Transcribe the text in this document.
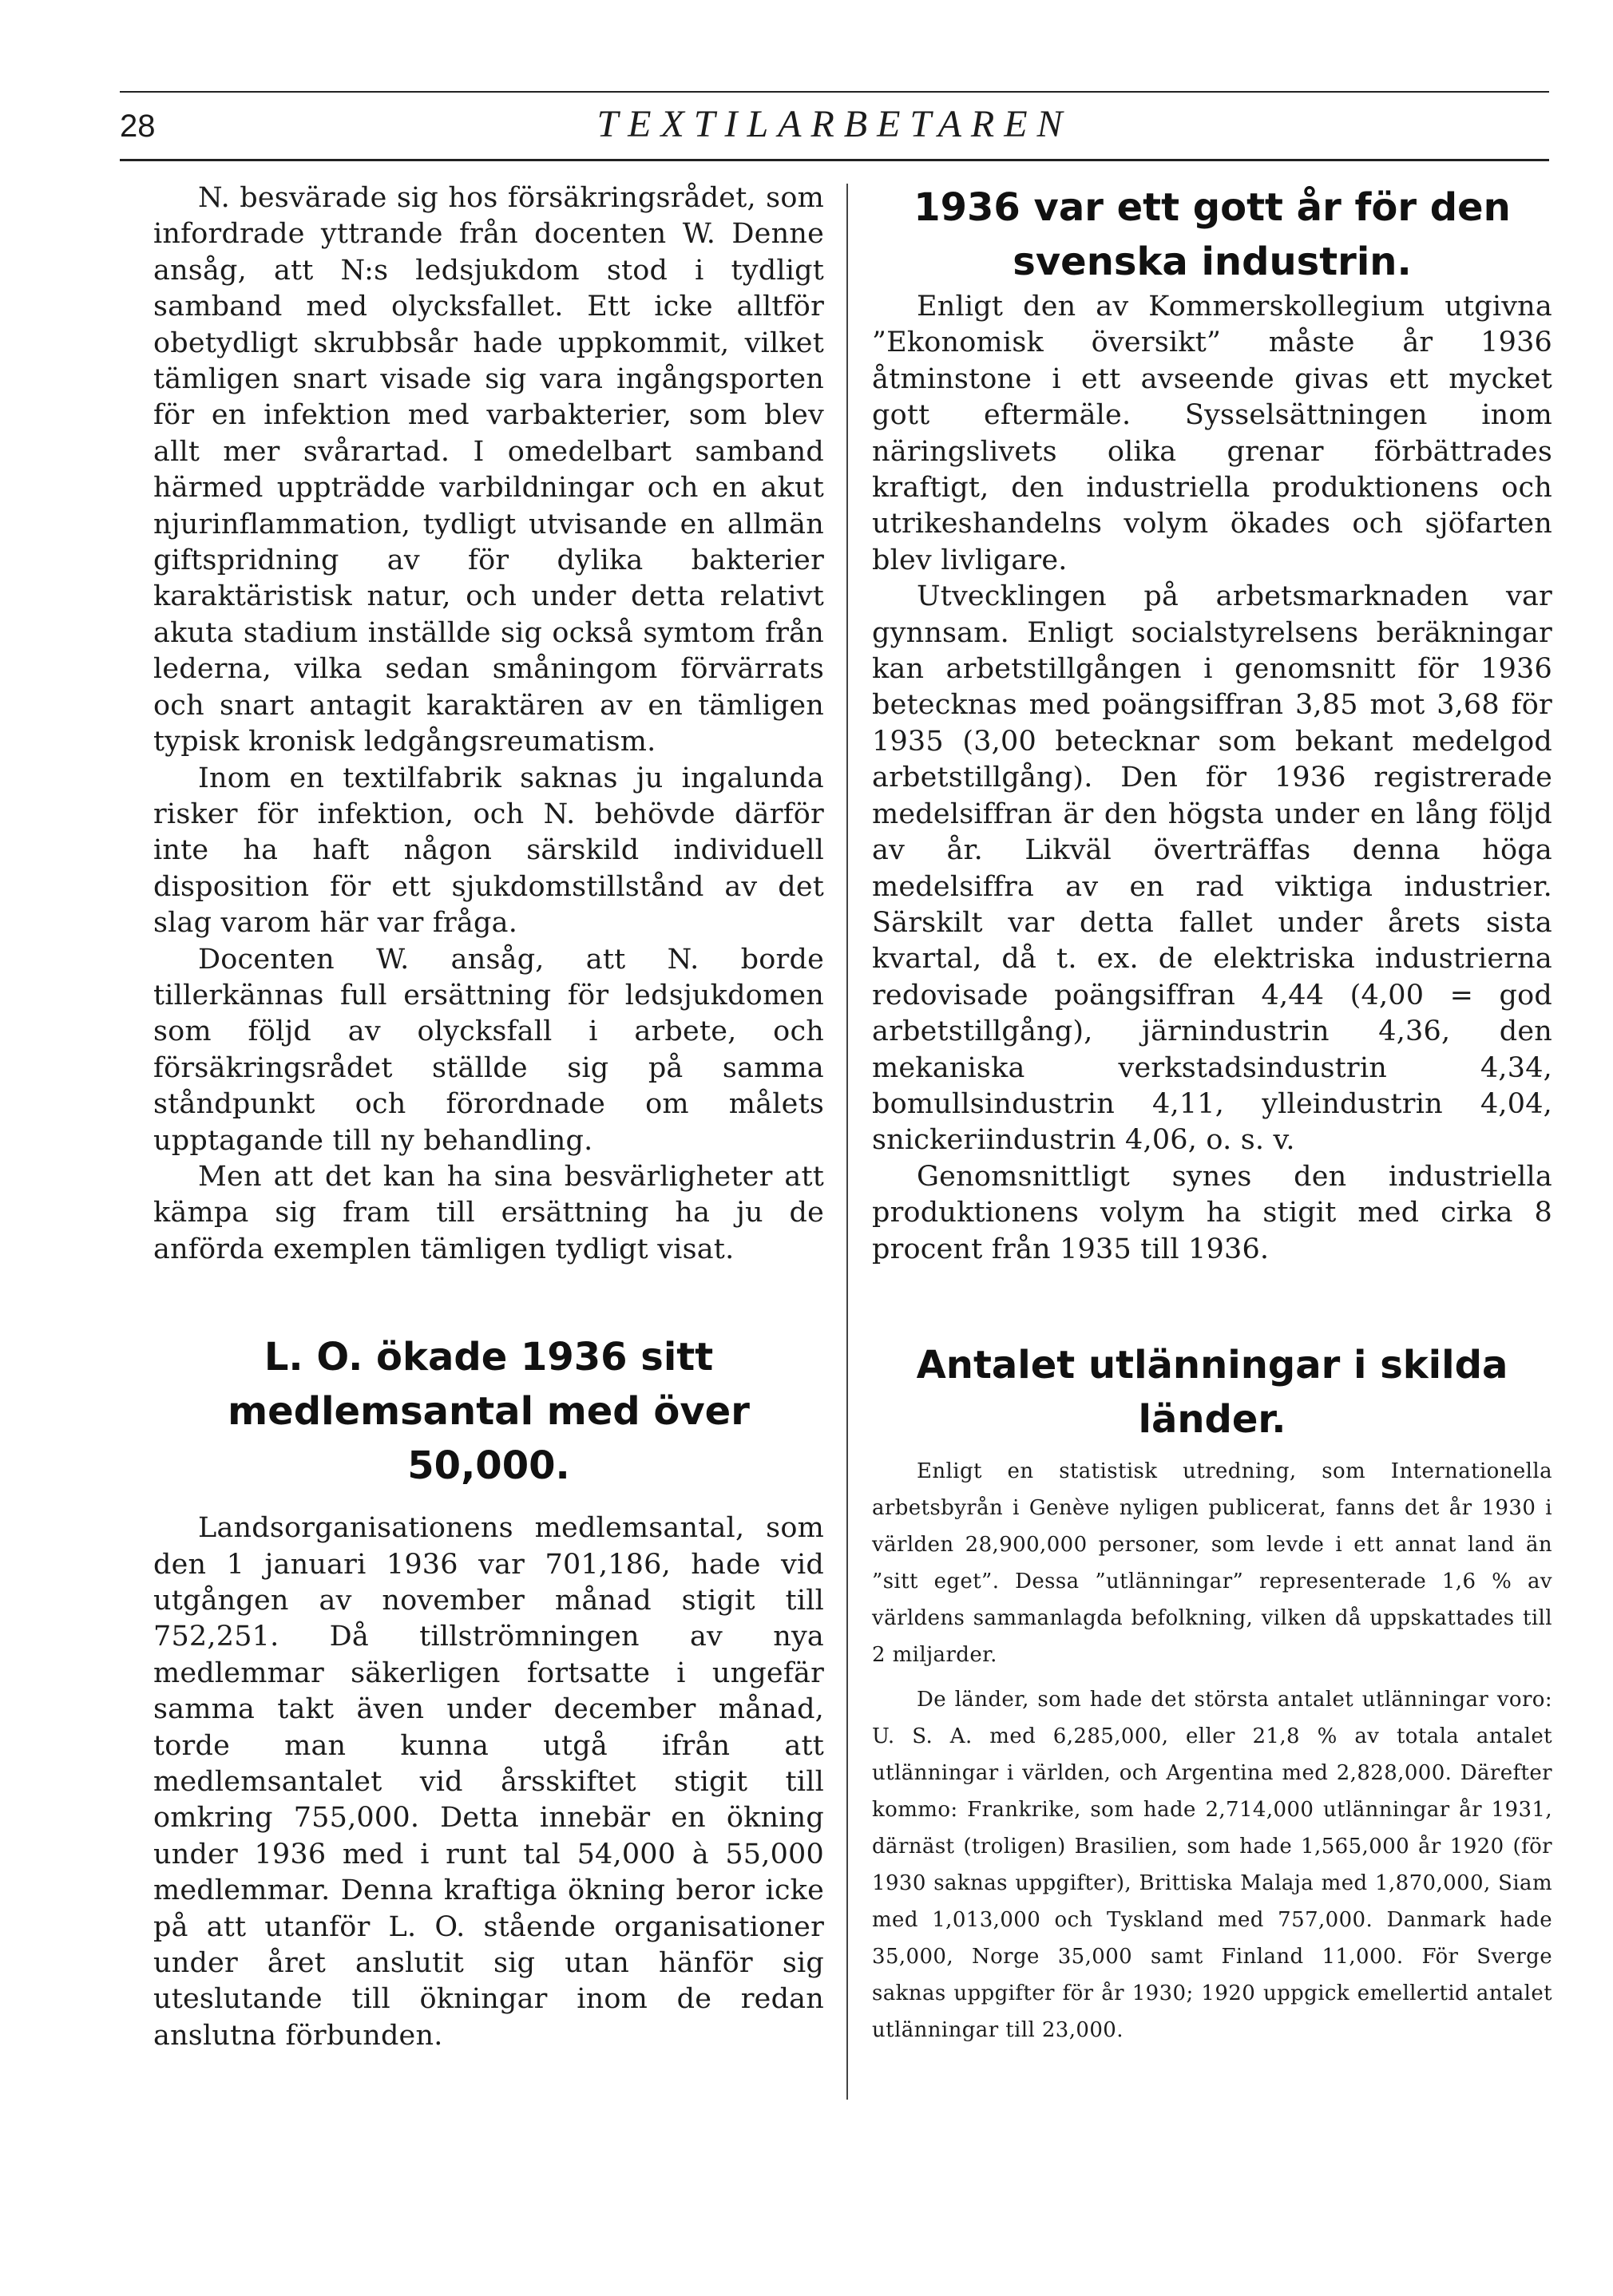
28	TEXTILARBETAREN

N. besvärade sig hos försäkringsrådet, som infordrade yttrande från docenten W. Denne ansåg, att N:s ledsjukdom stod i tydligt samband med olycksfallet. Ett icke alltför obetydligt skrubbsår hade uppkommit, vilket tämligen snart visade sig vara ingångsporten för en infektion med varbakterier, som blev allt mer svårartad. I omedelbart samband härmed uppträdde varbildningar och en akut njurinflammation, tydligt utvisande en allmän giftspridning av för dylika bakterier karaktäristisk natur, och under detta relativt akuta stadium inställde sig också symtom från lederna, vilka sedan småningom förvärrats och snart antagit karaktären av en tämligen typisk kronisk ledgångsreumatism.

Inom en textilfabrik saknas ju ingalunda risker för infektion, och N. behövde därför inte ha haft någon särskild individuell disposition för ett sjukdomstillstånd av det slag varom här var fråga.

Docenten W. ansåg, att N. borde tillerkännas full ersättning för ledsjukdomen som följd av olycksfall i arbete, och försäkringsrådet ställde sig på samma ståndpunkt och förordnade om målets upptagande till ny behandling.

Men att det kan ha sina besvärligheter att kämpa sig fram till ersättning ha ju de anförda exemplen tämligen tydligt visat.

L. O. ökade 1936 sitt medlemsantal med över 50,000.

Landsorganisationens medlemsantal, som den 1 januari 1936 var 701,186, hade vid utgången av november månad stigit till 752,251. Då tillströmningen av nya medlemmar säkerligen fortsatte i ungefär samma takt även under december månad, torde man kunna utgå ifrån att medlemsantalet vid årsskiftet stigit till omkring 755,000. Detta innebär en ökning under 1936 med i runt tal 54,000 à 55,000 medlemmar. Denna kraftiga ökning beror icke på att utanför L. O. stående organisationer under året anslutit sig utan hänför sig uteslutande till ökningar inom de redan anslutna förbunden.

1936 var ett gott år för den svenska industrin.

Enligt den av Kommerskollegium utgivna ”Ekonomisk översikt” måste år 1936 åtminstone i ett avseende givas ett mycket gott eftermäle. Sysselsättningen inom näringslivets olika grenar förbättrades kraftigt, den industriella produktionens och utrikeshandelns volym ökades och sjöfarten blev livligare.

Utvecklingen på arbetsmarknaden var gynnsam. Enligt socialstyrelsens beräkningar kan arbetstillgången i genomsnitt för 1936 betecknas med poängsiffran 3,85 mot 3,68 för 1935 (3,00 betecknar som bekant medelgod arbetstillgång). Den för 1936 registrerade medelsiffran är den högsta under en lång följd av år. Likväl överträffas denna höga medelsiffra av en rad viktiga industrier. Särskilt var detta fallet under årets sista kvartal, då t. ex. de elektriska industrierna redovisade poängsiffran 4,44 (4,00 = god arbetstillgång), järnindustrin 4,36, den mekaniska verkstadsindustrin 4,34, bomullsindustrin 4,11, ylleindustrin 4,04, snickeriindustrin 4,06, o. s. v.

Genomsnittligt synes den industriella produktionens volym ha stigit med cirka 8 procent från 1935 till 1936.

Antalet utlänningar i skilda länder.

Enligt en statistisk utredning, som Internationella arbetsbyrån i Genève nyligen publicerat, fanns det år 1930 i världen 28,900,000 personer, som levde i ett annat land än ”sitt eget”. Dessa ”utlänningar” representerade 1,6 % av världens sammanlagda befolkning, vilken då uppskattades till 2 miljarder.

De länder, som hade det största antalet utlänningar voro: U. S. A. med 6,285,000, eller 21,8 % av totala antalet utlänningar i världen, och Argentina med 2,828,000. Därefter kommo: Frankrike, som hade 2,714,000 utlänningar år 1931, därnäst (troligen) Brasilien, som hade 1,565,000 år 1920 (för 1930 saknas uppgifter), Brittiska Malaja med 1,870,000, Siam med 1,013,000 och Tyskland med 757,000. Danmark hade 35,000, Norge 35,000 samt Finland 11,000. För Sverge saknas uppgifter för år 1930; 1920 uppgick emellertid antalet utlänningar till 23,000.
